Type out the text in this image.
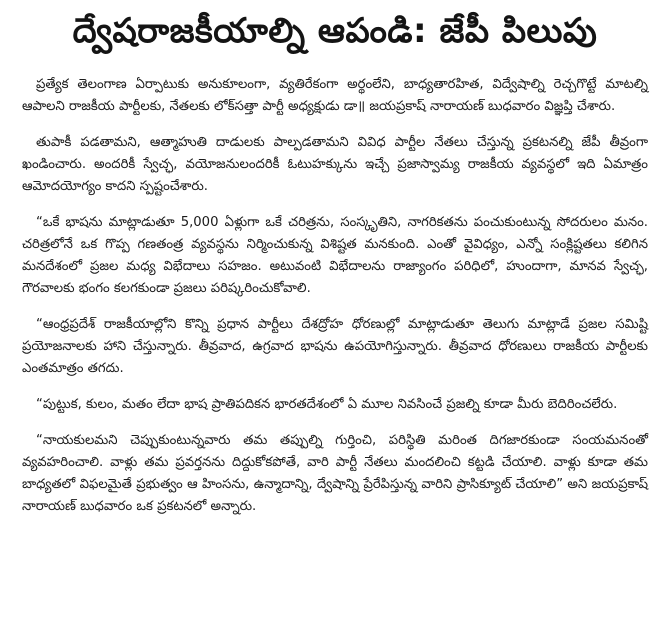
ద్వేషరాజకీయాల్ని ఆపండి: జేపీ పిలుపు

ప్రత్యేక తెలంగాణ ఏర్పాటుకు అనుకూలంగా, వ్యతిరేకంగా అర్థంలేని, బాధ్యతారహిత, విద్వేషాల్ని రెచ్చగొట్టే మాటల్ని ఆపాలని రాజకీయ పార్టీలకు, నేతలకు లోక్‌సత్తా పార్టీ అధ్యక్షుడు డా॥ జయప్రకాష్ నారాయణ్ బుధవారం విజ్ఞప్తి చేశారు.

తుపాకీ పడతామని, ఆత్మాహుతి దాడులకు పాల్పడతామని వివిధ పార్టీల నేతలు చేస్తున్న ప్రకటనల్ని జేపీ తీవ్రంగా ఖండించారు. అందరికీ స్వేచ్ఛ, వయోజనులందరికీ ఓటుహక్కును ఇచ్చే ప్రజాస్వామ్య రాజకీయ వ్యవస్థలో ఇది ఏమాత్రం ఆమోదయోగ్యం కాదని స్పష్టంచేశారు.

“ఒకే భాషను మాట్లాడుతూ 5,000 ఏళ్లుగా ఒకే చరిత్రను, సంస్కృతిని, నాగరికతను పంచుకుంటున్న సోదరులం మనం. చరిత్రలోనే ఒక గొప్ప గణతంత్ర వ్యవస్థను నిర్మించుకున్న విశిష్టత మనకుంది. ఎంతో వైవిధ్యం, ఎన్నో సంక్లిష్టతలు కలిగిన మనదేశంలో ప్రజల మధ్య విభేదాలు సహజం. అటువంటి విభేదాలను రాజ్యాంగం పరిధిలో, హుందాగా, మానవ స్వేచ్ఛ, గౌరవాలకు భంగం కలగకుండా ప్రజలు పరిష్కరించుకోవాలి.

“ఆంధ్రప్రదేశ్ రాజకీయాల్లోని కొన్ని ప్రధాన పార్టీలు దేశద్రోహ ధోరణుల్లో మాట్లాడుతూ తెలుగు మాట్లాడే ప్రజల సమిష్టి ప్రయోజనాలకు హాని చేస్తున్నారు. తీవ్రవాద, ఉగ్రవాద భాషను ఉపయోగిస్తున్నారు. తీవ్రవాద ధోరణులు రాజకీయ పార్టీలకు ఎంతమాత్రం తగదు.

“పుట్టుక, కులం, మతం లేదా భాష ప్రాతిపదికన భారతదేశంలో ఏ మూల నివసించే ప్రజల్ని కూడా మీరు బెదిరించలేరు.

“నాయకులమని చెప్పుకుంటున్నవారు తమ తప్పుల్ని గుర్తించి, పరిస్థితి మరింత దిగజారకుండా సంయమనంతో వ్యవహరించాలి. వాళ్లు తమ ప్రవర్తనను దిద్దుకోకపోతే, వారి పార్టీ నేతలు మందలించి కట్టడి చేయాలి. వాళ్లు కూడా తమ బాధ్యతలో విఫలమైతే ప్రభుత్వం ఆ హింసను, ఉన్మాదాన్ని, ద్వేషాన్ని ప్రేరేపిస్తున్న వారిని ప్రాసిక్యూట్ చేయాలి” అని జయప్రకాష్ నారాయణ్ బుధవారం ఒక ప్రకటనలో అన్నారు.
